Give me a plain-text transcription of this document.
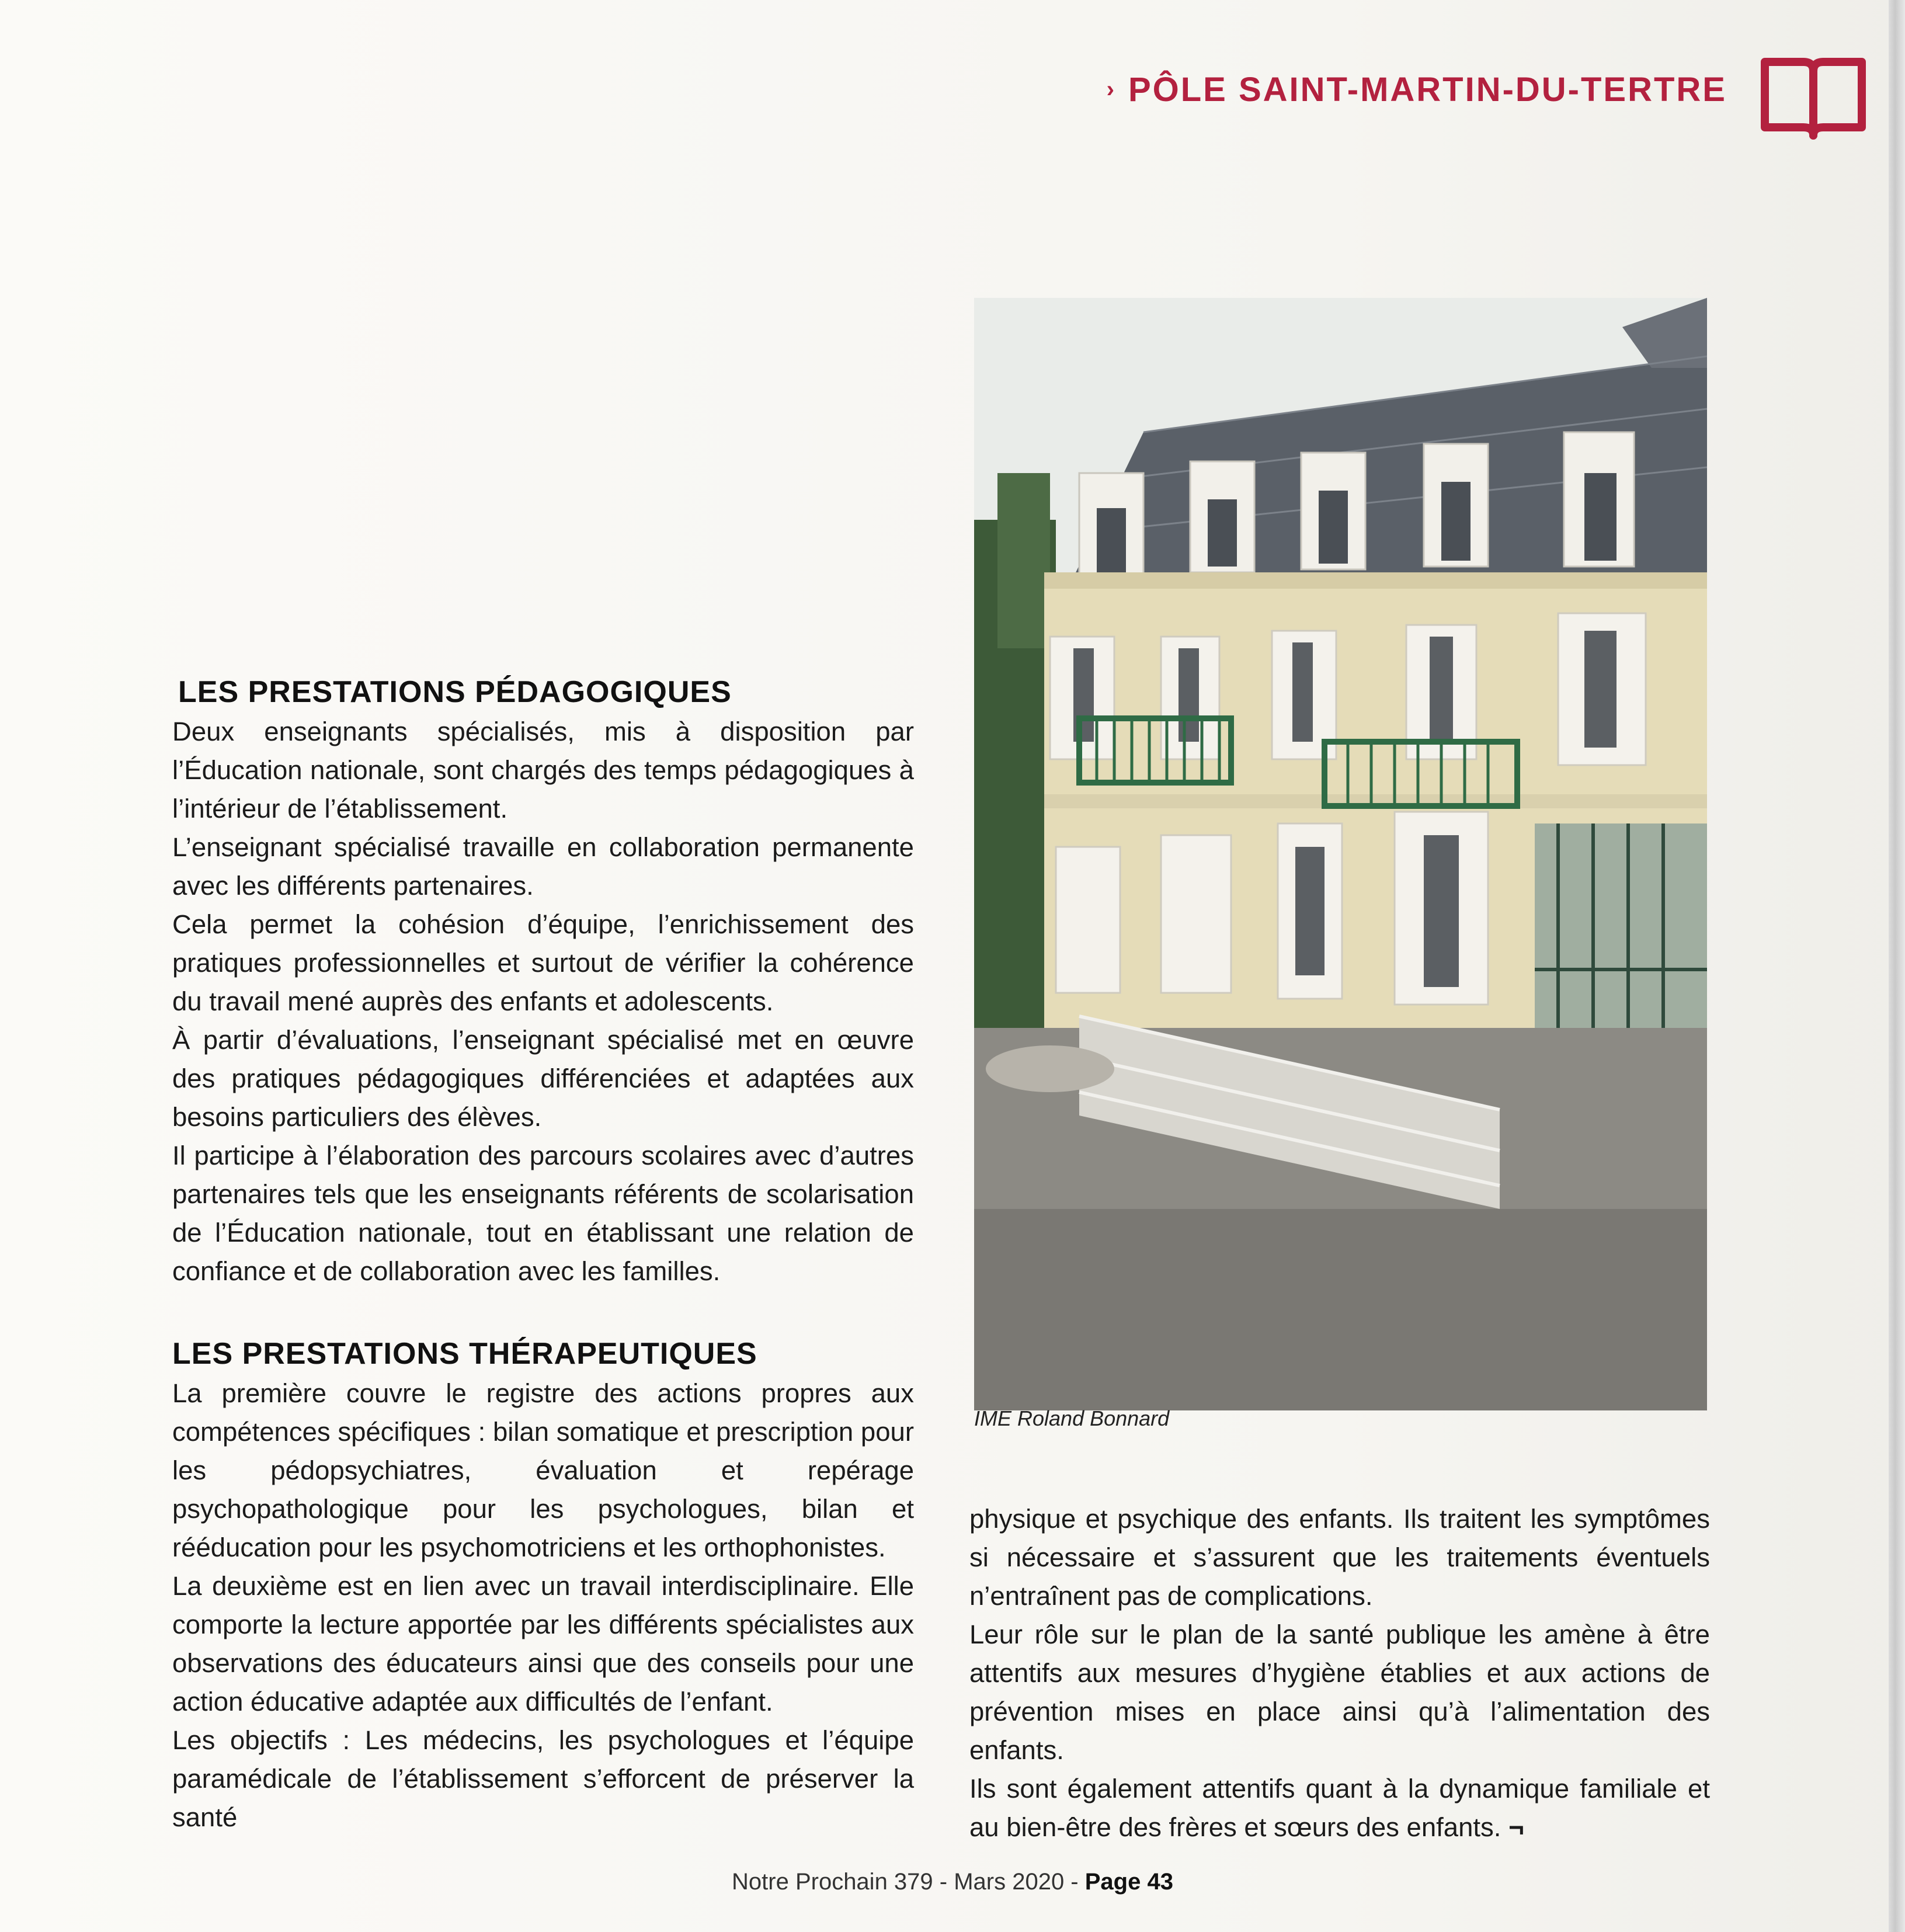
› PÔLE SAINT-MARTIN-DU-TERTRE
IME Roland Bonnard
LES PRESTATIONS PÉDAGOGIQUES

Deux enseignants spécialisés, mis à disposition par l’Éducation nationale, sont chargés des temps pédagogiques à l’intérieur de l’établissement.

L’enseignant spécialisé travaille en collaboration permanente avec les différents partenaires.

Cela permet la cohésion d’équipe, l’enrichissement des pratiques professionnelles et surtout de vérifier la cohérence du travail mené auprès des enfants et adolescents.

À partir d’évaluations, l’enseignant spécialisé met en œuvre des pratiques pédagogiques différenciées et adaptées aux besoins particuliers des élèves.

Il participe à l’élaboration des parcours scolaires avec d’autres partenaires tels que les enseignants référents de scolarisation de l’Éducation nationale, tout en établissant une relation de confiance et de collaboration avec les familles.

LES PRESTATIONS THÉRAPEUTIQUES

La première couvre le registre des actions propres aux compétences spécifiques : bilan somatique et prescription pour les pédopsychiatres, évaluation et repérage psychopathologique pour les psychologues, bilan et rééducation pour les psychomotriciens et les orthophonistes.

La deuxième est en lien avec un travail interdisciplinaire. Elle comporte la lecture apportée par les différents spécialistes aux observations des éducateurs ainsi que des conseils pour une action éducative adaptée aux difficultés de l’enfant.

Les objectifs : Les médecins, les psychologues et l’équipe paramédicale de l’établissement s’efforcent de préserver la santé

physique et psychique des enfants. Ils traitent les symptômes si nécessaire et s’assurent que les traitements éventuels n’entraînent pas de complications.

Leur rôle sur le plan de la santé publique les amène à être attentifs aux mesures d’hygiène établies et aux actions de prévention mises en place ainsi qu’à l’alimentation des enfants.

Ils sont également attentifs quant à la dynamique familiale et au bien-être des frères et sœurs des enfants. ¬

Notre Prochain 379 - Mars 2020 - Page 43
